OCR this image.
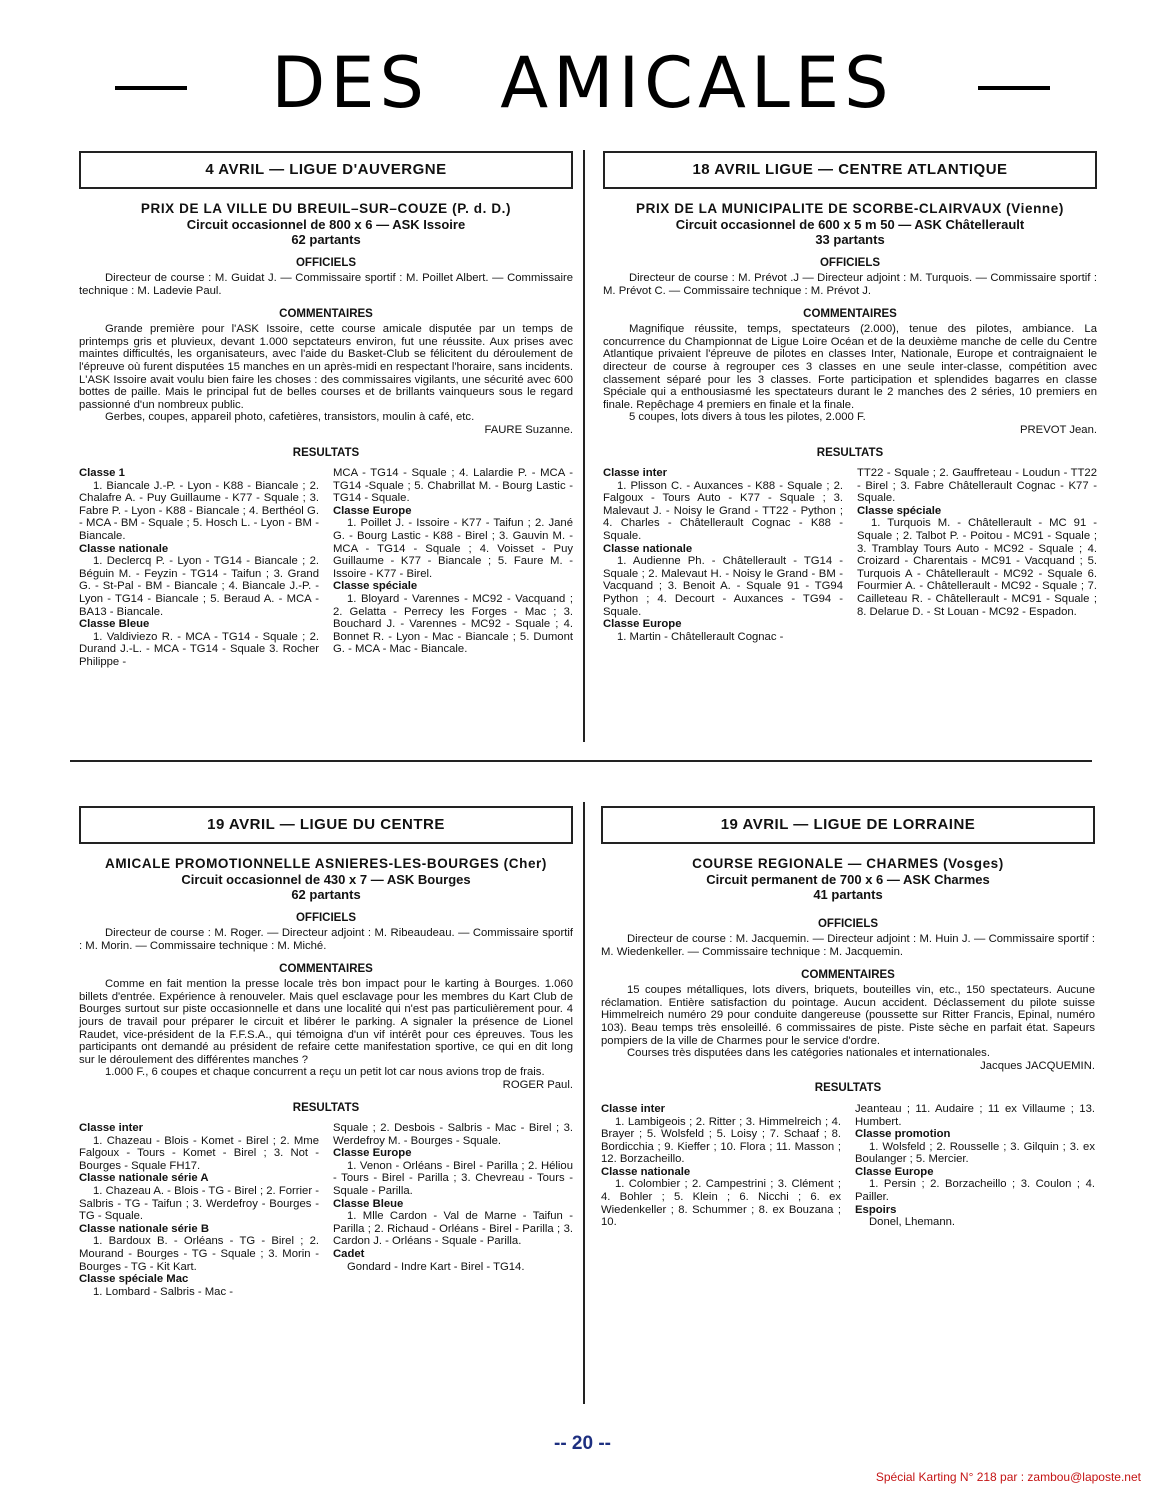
DES AMICALES
4 AVRIL — LIGUE D'AUVERGNE
PRIX DE LA VILLE DU BREUIL–SUR–COUZE (P. d. D.)
Circuit occasionnel de 800 x 6 — ASK Issoire
62 partants
OFFICIELS

Directeur de course : M. Guidat J. — Commissaire sportif : M. Poillet Albert. — Commissaire technique : M. Ladevie Paul.

COMMENTAIRES

Grande première pour l'ASK Issoire, cette course amicale disputée par un temps de printemps gris et pluvieux, devant 1.000 sepctateurs environ, fut une réussite. Aux prises avec maintes difficultés, les organisateurs, avec l'aide du Basket-Club se félicitent du déroulement de l'épreuve où furent disputées 15 manches en un après-midi en respectant l'horaire, sans incidents. L'ASK Issoire avait voulu bien faire les choses : des commissaires vigilants, une sécurité avec 600 bottes de paille. Mais le principal fut de belles courses et de brillants vainqueurs sous le regard passionné d'un nombreux public.

Gerbes, coupes, appareil photo, cafetières, transistors, moulin à café, etc.

FAURE Suzanne.
RESULTATS
Classe 1
1. Biancale J.-P. - Lyon - K88 - Biancale ; 2. Chalafre A. - Puy Guillaume - K77 - Squale ; 3. Fabre P. - Lyon - K88 - Biancale ; 4. Berthéol G. - MCA - BM - Squale ; 5. Hosch L. - Lyon - BM - Biancale.
Classe nationale
1. Declercq P. - Lyon - TG14 - Biancale ; 2. Béguin M. - Feyzin - TG14 - Taifun ; 3. Grand G. - St-Pal - BM - Biancale ; 4. Biancale J.-P. - Lyon - TG14 - Biancale ; 5. Beraud A. - MCA - BA13 - Biancale.
Classe Bleue
1. Valdiviezo R. - MCA - TG14 - Squale ; 2. Durand J.-L. - MCA - TG14 - Squale 3. Rocher Philippe -
MCA - TG14 - Squale ; 4. Lalardie P. - MCA - TG14 -Squale ; 5. Chabrillat M. - Bourg Lastic - TG14 - Squale.
Classe Europe
1. Poillet J. - Issoire - K77 - Taifun ; 2. Jané G. - Bourg Lastic - K88 - Birel ; 3. Gauvin M. - MCA - TG14 - Squale ; 4. Voisset - Puy Guillaume - K77 - Biancale ; 5. Faure M. - Issoire - K77 - Birel.
Classe spéciale
1. Bloyard - Varennes - MC92 - Vacquand ; 2. Gelatta - Perrecy les Forges - Mac ; 3. Bouchard J. - Varennes - MC92 - Squale ; 4. Bonnet R. - Lyon - Mac - Biancale ; 5. Dumont G. - MCA - Mac - Biancale.
18 AVRIL LIGUE — CENTRE ATLANTIQUE
PRIX DE LA MUNICIPALITE DE SCORBE-CLAIRVAUX (Vienne)
Circuit occasionnel de 600 x 5 m 50 — ASK Châtellerault
33 partants
OFFICIELS

Directeur de course : M. Prévot .J — Directeur adjoint : M. Turquois. — Commissaire sportif : M. Prévot C. — Commissaire technique : M. Prévot J.

COMMENTAIRES

Magnifique réussite, temps, spectateurs (2.000), tenue des pilotes, ambiance. La concurrence du Championnat de Ligue Loire Océan et de la deuxième manche de celle du Centre Atlantique privaient l'épreuve de pilotes en classes Inter, Nationale, Europe et contraignaient le directeur de course à regrouper ces 3 classes en une seule inter-classe, compétition avec classement séparé pour les 3 classes. Forte participation et splendides bagarres en classe Spéciale qui a enthousiasmé les spectateurs durant le 2 manches des 2 séries, 10 premiers en finale. Repêchage 4 premiers en finale et la finale.

5 coupes, lots divers à tous les pilotes, 2.000 F.

PREVOT Jean.
RESULTATS
Classe inter
1. Plisson C. - Auxances - K88 - Squale ; 2. Falgoux - Tours Auto - K77 - Squale ; 3. Malevaut J. - Noisy le Grand - TT22 - Python ; 4. Charles - Châtellerault Cognac - K88 - Squale.
Classe nationale
1. Audienne Ph. - Châtellerault - TG14 - Squale ; 2. Malevaut H. - Noisy le Grand - BM - Vacquand ; 3. Benoit A. - Squale 91 - TG94 Python ; 4. Decourt - Auxances - TG94 - Squale.
Classe Europe
1. Martin - Châtellerault Cognac -
TT22 - Squale ; 2. Gauffreteau - Loudun - TT22 - Birel ; 3. Fabre Châtellerault Cognac - K77 - Squale.
Classe spéciale
1. Turquois M. - Châtellerault - MC 91 - Squale ; 2. Talbot P. - Poitou - MC91 - Squale ; 3. Tramblay Tours Auto - MC92 - Squale ; 4. Croizard - Charentais - MC91 - Vacquand ; 5. Turquois A - Châtellerault - MC92 - Squale 6. Fourmier A. - Châtellerault - MC92 - Squale ; 7. Cailleteau R. - Châtellerault - MC91 - Squale ; 8. Delarue D. - St Louan - MC92 - Espadon.
19 AVRIL — LIGUE DU CENTRE
AMICALE PROMOTIONNELLE ASNIERES-LES-BOURGES (Cher)
Circuit occasionnel de 430 x 7 — ASK Bourges
62 partants
OFFICIELS

Directeur de course : M. Roger. — Directeur adjoint : M. Ribeaudeau. — Commissaire sportif : M. Morin. — Commissaire technique : M. Miché.

COMMENTAIRES

Comme en fait mention la presse locale très bon impact pour le karting à Bourges. 1.060 billets d'entrée. Expérience à renouveler. Mais quel esclavage pour les membres du Kart Club de Bourges surtout sur piste occasionnelle et dans une localité qui n'est pas particulièrement pour. 4 jours de travail pour préparer le circuit et libérer le parking. A signaler la présence de Lionel Raudet, vice-président de la F.F.S.A., qui témoigna d'un vif intérêt pour ces épreuves. Tous les participants ont demandé au président de refaire cette manifestation sportive, ce qui en dit long sur le déroulement des différentes manches ?

1.000 F., 6 coupes et chaque concurrent a reçu un petit lot car nous avions trop de frais.

ROGER Paul.
RESULTATS
Classe inter
1. Chazeau - Blois - Komet - Birel ; 2. Mme Falgoux - Tours - Komet - Birel ; 3. Not - Bourges - Squale FH17.
Classe nationale série A
1. Chazeau A. - Blois - TG - Birel ; 2. Forrier - Salbris - TG - Taifun ; 3. Werdefroy - Bourges - TG - Squale.
Classe nationale série B
1. Bardoux B. - Orléans - TG - Birel ; 2. Mourand - Bourges - TG - Squale ; 3. Morin - Bourges - TG - Kit Kart.
Classe spéciale Mac
1. Lombard - Salbris - Mac -
Squale ; 2. Desbois - Salbris - Mac - Birel ; 3. Werdefroy M. - Bourges - Squale.
Classe Europe
1. Venon - Orléans - Birel - Parilla ; 2. Héliou - Tours - Birel - Parilla ; 3. Chevreau - Tours - Squale - Parilla.
Classe Bleue
1. Mlle Cardon - Val de Marne - Taifun - Parilla ; 2. Richaud - Orléans - Birel - Parilla ; 3. Cardon J. - Orléans - Squale - Parilla.
Cadet
Gondard - Indre Kart - Birel - TG14.
19 AVRIL — LIGUE DE LORRAINE
COURSE REGIONALE — CHARMES (Vosges)
Circuit permanent de 700 x 6 — ASK Charmes
41 partants
OFFICIELS

Directeur de course : M. Jacquemin. — Directeur adjoint : M. Huin J. — Commissaire sportif : M. Wiedenkeller. — Commissaire technique : M. Jacquemin.

COMMENTAIRES

15 coupes métalliques, lots divers, briquets, bouteilles vin, etc., 150 spectateurs. Aucune réclamation. Entière satisfaction du pointage. Aucun accident. Déclassement du pilote suisse Himmelreich numéro 29 pour conduite dangereuse (poussette sur Ritter Francis, Epinal, numéro 103). Beau temps très ensoleillé. 6 commissaires de piste. Piste sèche en parfait état. Sapeurs pompiers de la ville de Charmes pour le service d'ordre.

Courses très disputées dans les catégories nationales et internationales.

Jacques JACQUEMIN.
RESULTATS
Classe inter
1. Lambigeois ; 2. Ritter ; 3. Himmelreich ; 4. Brayer ; 5. Wolsfeld ; 5. Loisy ; 7. Schaaf ; 8. Bordicchia ; 9. Kieffer ; 10. Flora ; 11. Masson ; 12. Borzacheillo.
Classe nationale
1. Colombier ; 2. Campestrini ; 3. Clément ; 4. Bohler ; 5. Klein ; 6. Nicchi ; 6. ex Wiedenkeller ; 8. Schummer ; 8. ex Bouzana ; 10.
Jeanteau ; 11. Audaire ; 11 ex Villaume ; 13. Humbert.
Classe promotion
1. Wolsfeld ; 2. Rousselle ; 3. Gilquin ; 3. ex Boulanger ; 5. Mercier.
Classe Europe
1. Persin ; 2. Borzacheillo ; 3. Coulon ; 4. Pailler.
Espoirs
Donel, Lhemann.
-- 20 --
Spécial Karting N° 218 par : zambou@laposte.net
